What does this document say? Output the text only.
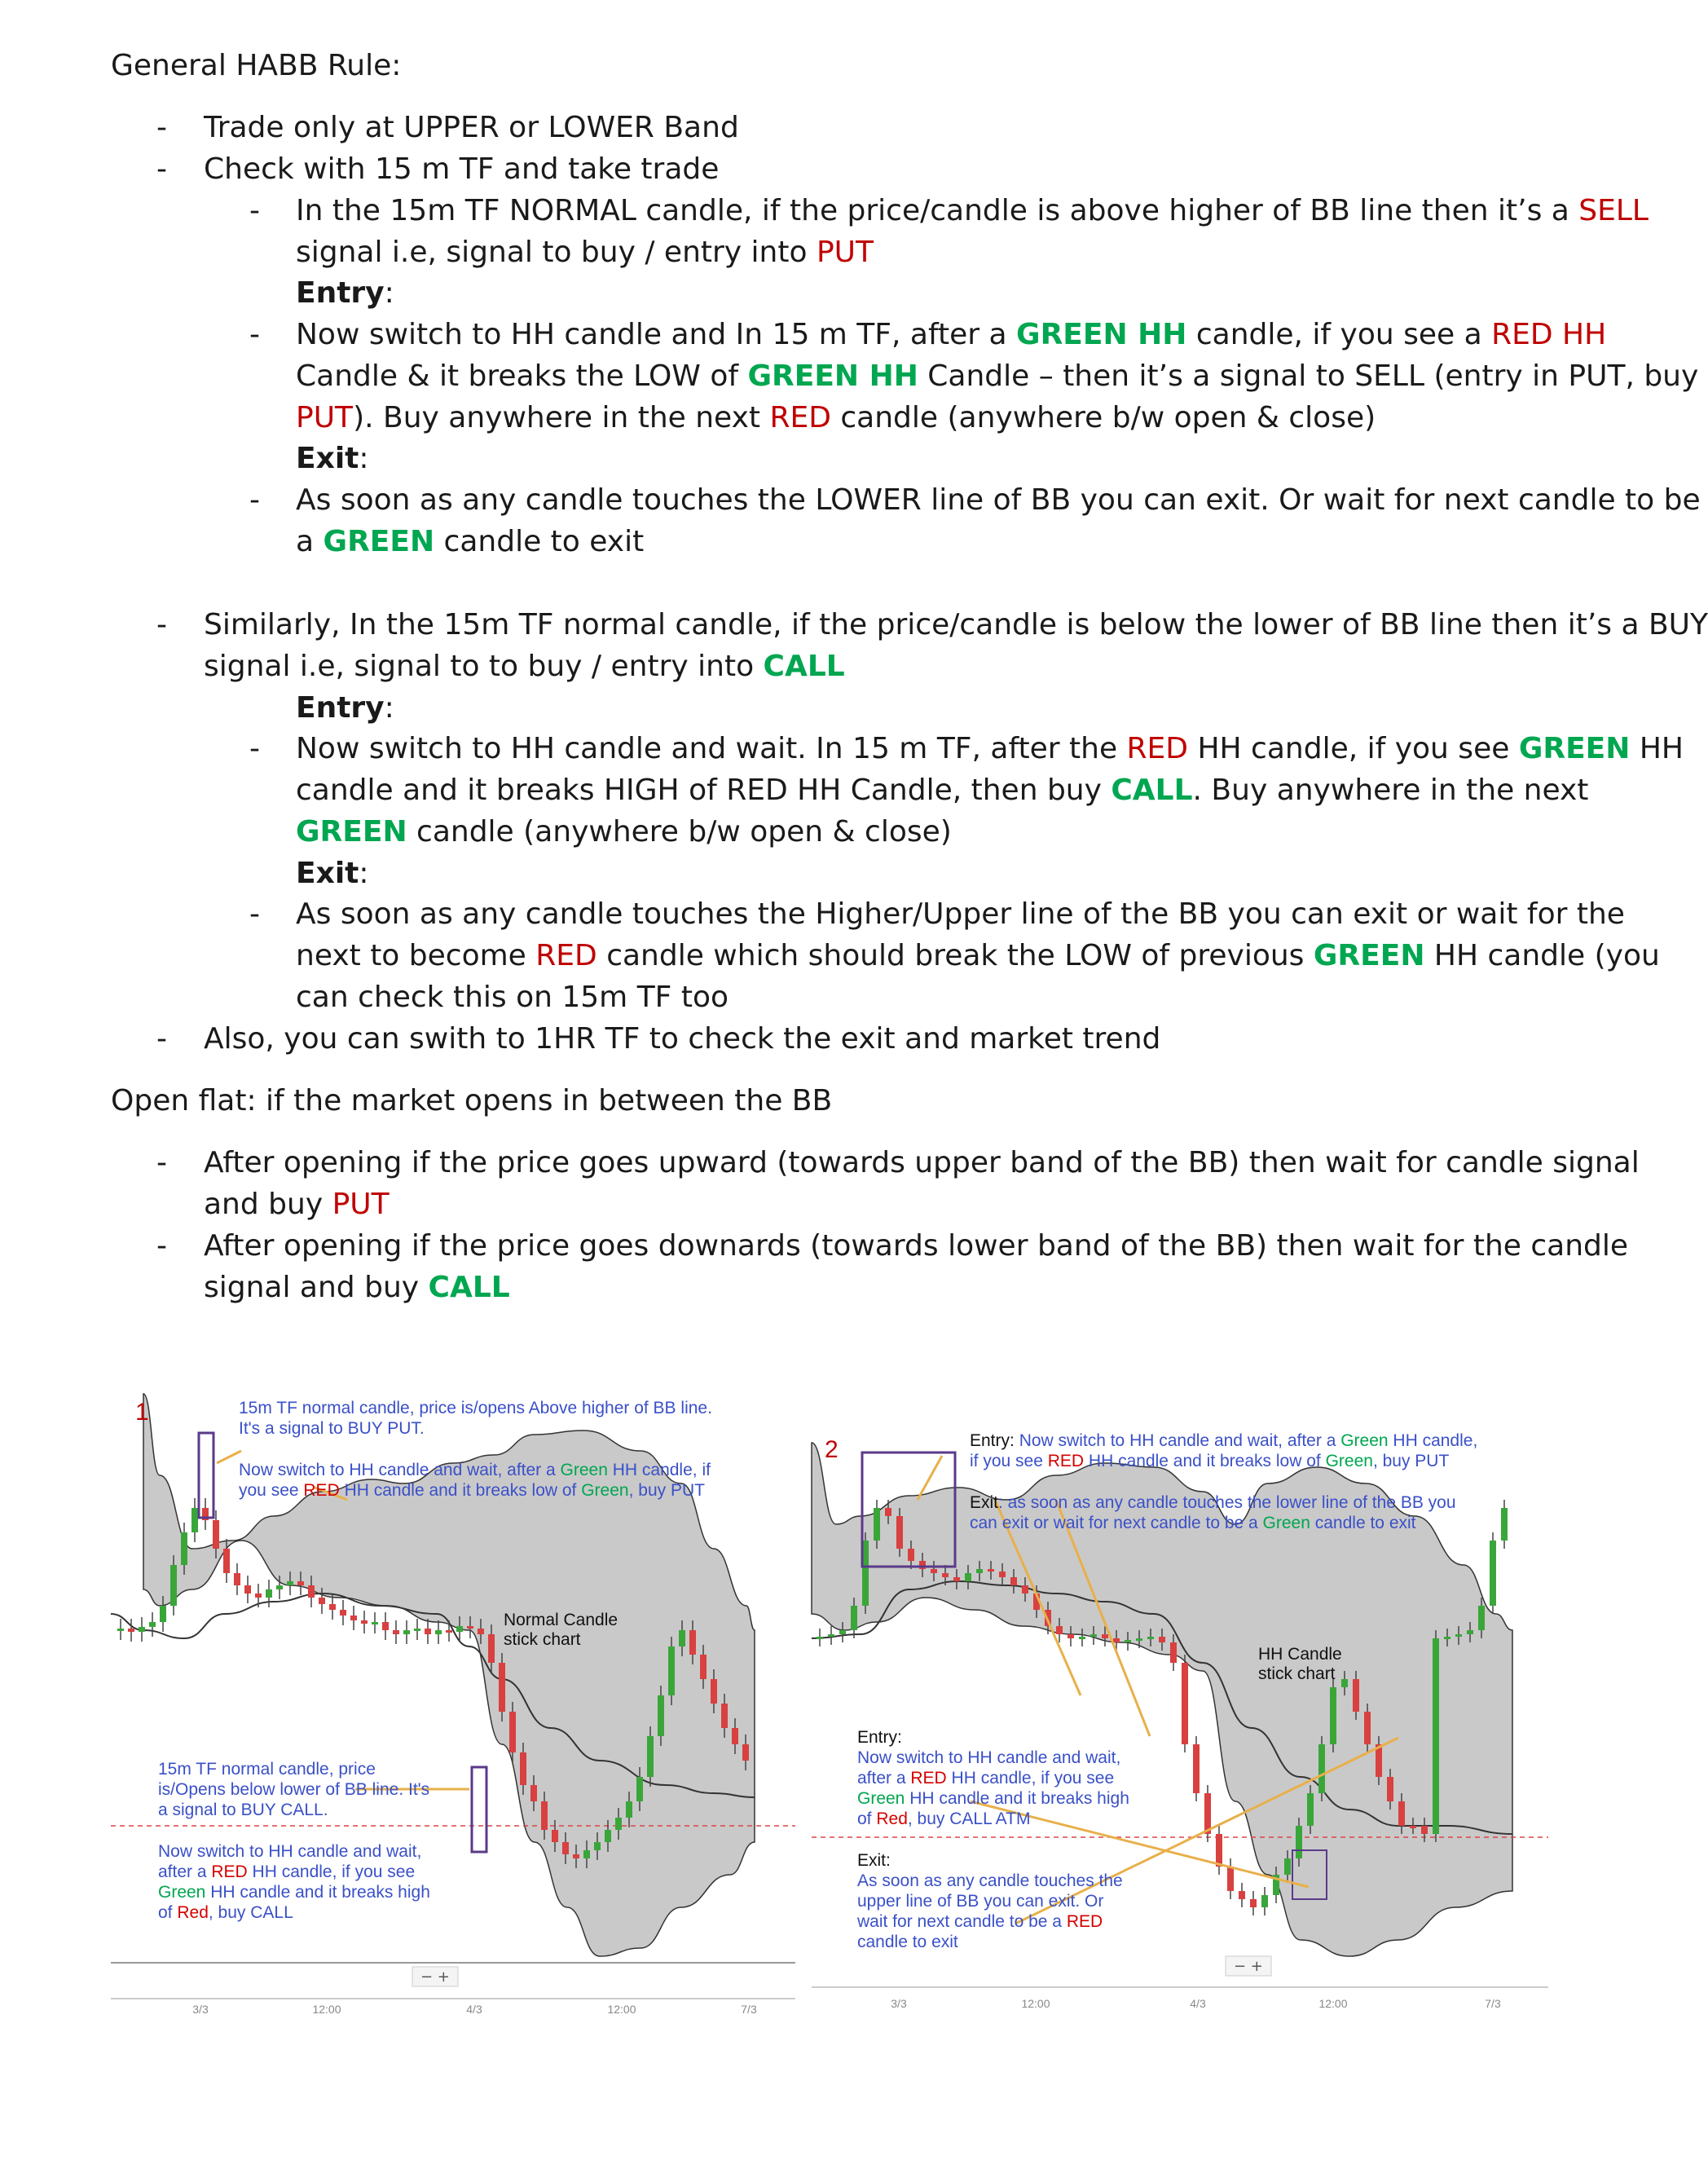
General HABB Rule:
- Trade only at UPPER or LOWER Band
- Check with 15 m TF and take trade
- In the 15m TF NORMAL candle, if the price/candle is above higher of BB line then it’s a SELL
signal i.e, signal to buy / entry into PUT
Entry:
- Now switch to HH candle and In 15 m TF, after a GREEN HH candle, if you see a RED HH
Candle & it breaks the LOW of GREEN HH Candle – then it’s a signal to SELL (entry in PUT, buy
PUT). Buy anywhere in the next RED candle (anywhere b/w open & close)
Exit:
- As soon as any candle touches the LOWER line of BB you can exit. Or wait for next candle to be
a GREEN candle to exit
- Similarly, In the 15m TF normal candle, if the price/candle is below the lower of BB line then it’s a BUY
signal i.e, signal to to buy / entry into CALL
Entry:
- Now switch to HH candle and wait. In 15 m TF, after the RED HH candle, if you see GREEN HH
candle and it breaks HIGH of RED HH Candle, then buy CALL. Buy anywhere in the next
GREEN candle (anywhere b/w open & close)
Exit:
- As soon as any candle touches the Higher/Upper line of the BB you can exit or wait for the
next to become RED candle which should break the LOW of previous GREEN HH candle (you
can check this on 15m TF too
- Also, you can swith to 1HR TF to check the exit and market trend
Open flat: if the market opens in between the BB
- After opening if the price goes upward (towards upper band of the BB) then wait for candle signal
and buy PUT
- After opening if the price goes downards (towards lower band of the BB) then wait for the candle
signal and buy CALL
1	15m TF normal candle, price is/opens Above higher of BB line.
It's a signal to BUY PUT.
Now switch to HH candle and wait, after a Green HH candle, if
you see RED HH candle and it breaks low of Green, buy PUT
Normal Candle
stick chart
15m TF normal candle, price
is/Opens below lower of BB line. It's
a signal to BUY CALL.
Now switch to HH candle and wait,
after a RED HH candle, if you see
Green HH candle and it breaks high
of Red, buy CALL
− +
3/3	12:00	4/3	12:00	7/3
2	Entry: Now switch to HH candle and wait, after a Green HH candle,
if you see RED HH candle and it breaks low of Green, buy PUT
Exit: as soon as any candle touches the lower line of the BB you
can exit or wait for next candle to be a Green candle to exit
HH Candle
stick chart
Entry:
Now switch to HH candle and wait,
after a RED HH candle, if you see
Green HH candle and it breaks high
of Red, buy CALL ATM
Exit:
As soon as any candle touches the
upper line of BB you can exit. Or
wait for next candle to be a RED
candle to exit
− +
3/3	12:00	4/3	12:00	7/3
